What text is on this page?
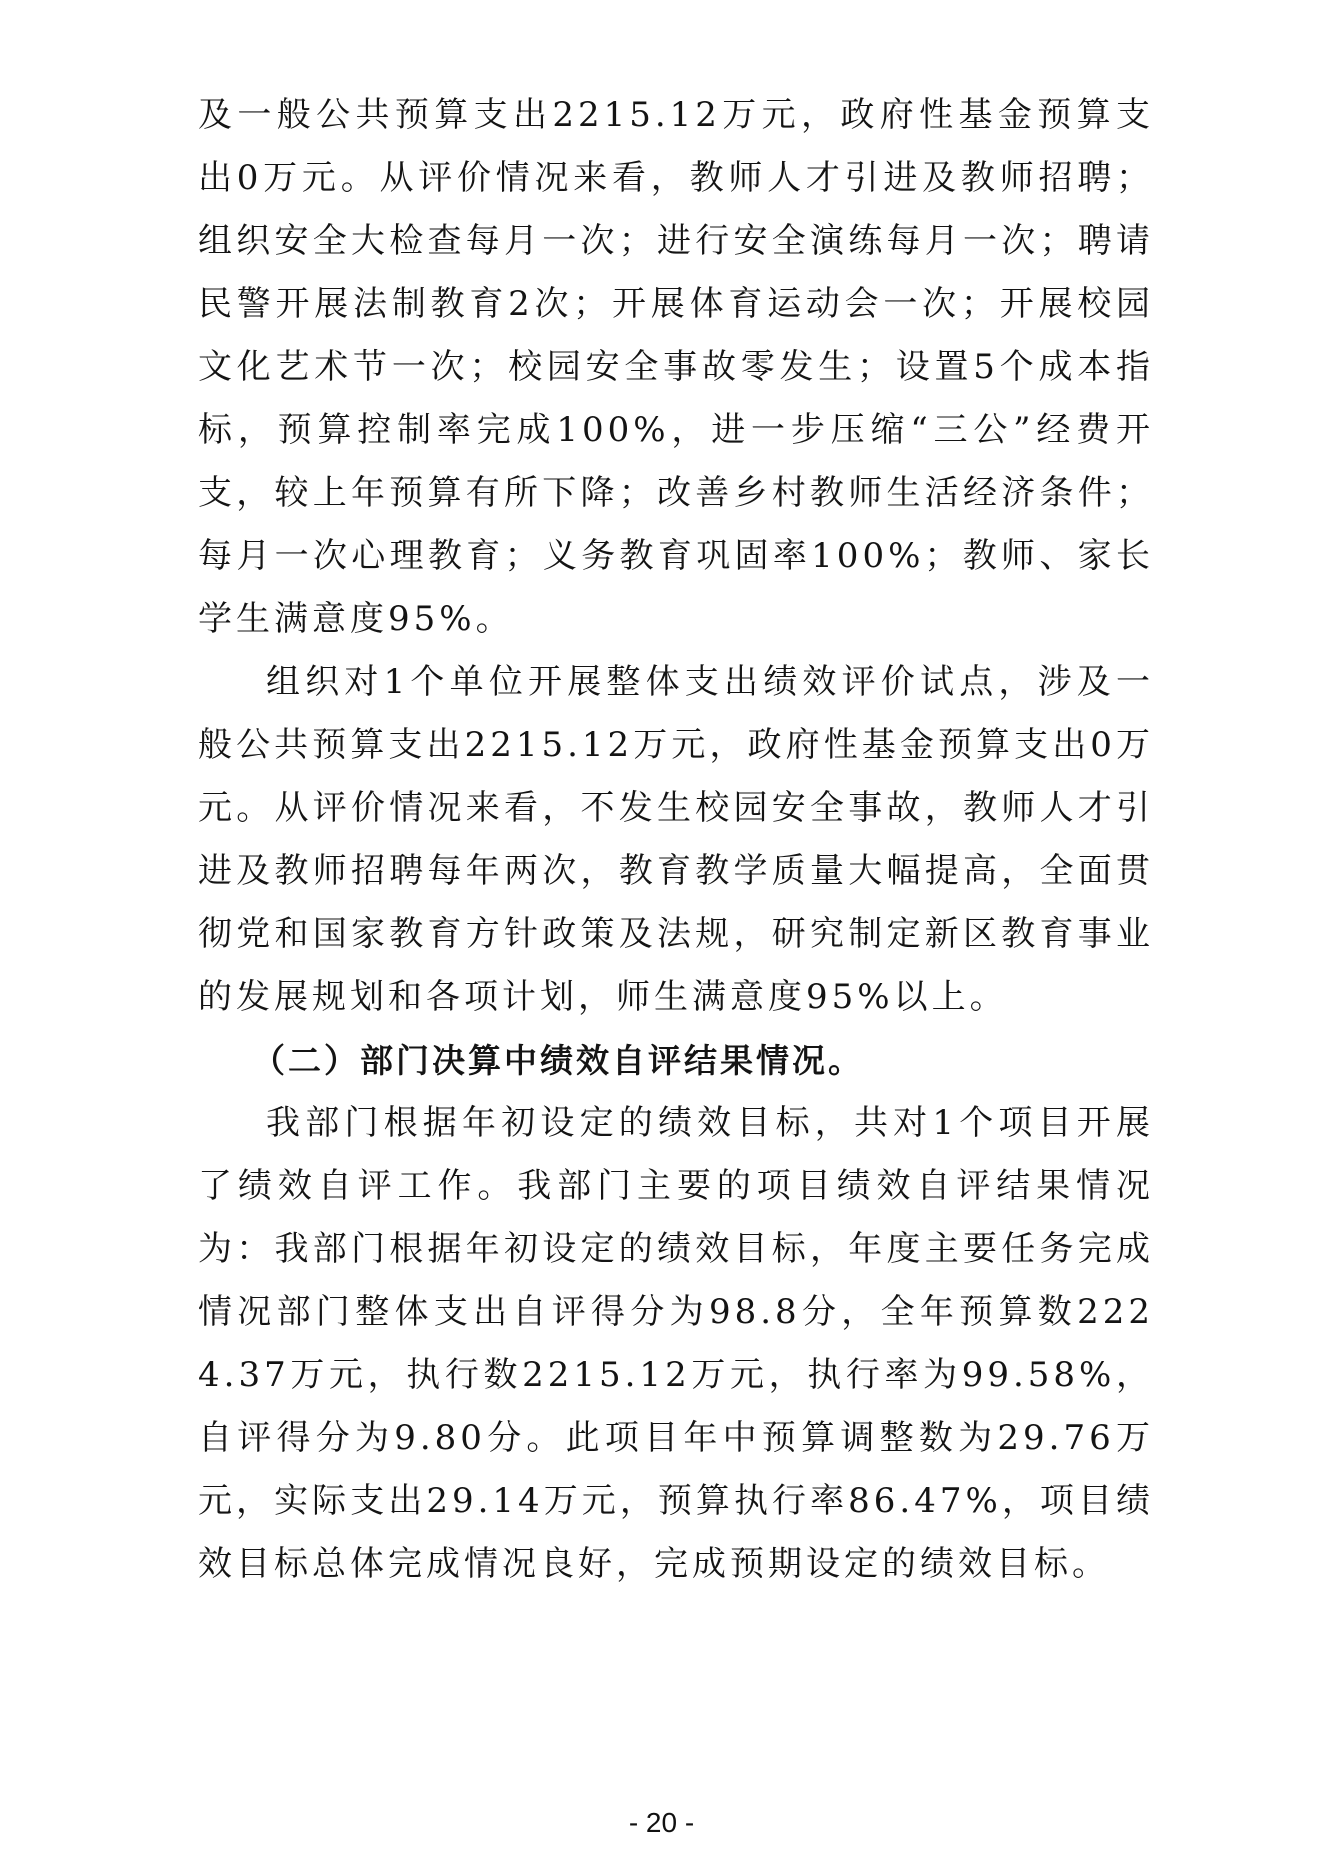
及一般公共预算支出2215.12万元，政府性基金预算支出0万元。从评价情况来看，教师人才引进及教师招聘；组织安全大检查每月一次；进行安全演练每月一次；聘请民警开展法制教育2次；开展体育运动会一次；开展校园文化艺术节一次；校园安全事故零发生；设置5个成本指标，预算控制率完成100%，进一步压缩“三公”经费开支，较上年预算有所下降；改善乡村教师生活经济条件；每月一次心理教育；义务教育巩固率100%；教师、家长学生满意度95%。

组织对1个单位开展整体支出绩效评价试点，涉及一般公共预算支出2215.12万元，政府性基金预算支出0万元。从评价情况来看，不发生校园安全事故，教师人才引进及教师招聘每年两次，教育教学质量大幅提高，全面贯彻党和国家教育方针政策及法规，研究制定新区教育事业的发展规划和各项计划，师生满意度95%以上。

（二）部门决算中绩效自评结果情况。

我部门根据年初设定的绩效目标，共对1个项目开展了绩效自评工作。我部门主要的项目绩效自评结果情况为：我部门根据年初设定的绩效目标，年度主要任务完成情况部门整体支出自评得分为98.8分，全年预算数2224.37万元，执行数2215.12万元，执行率为99.58%，自评得分为9.80分。此项目年中预算调整数为29.76万元，实际支出29.14万元，预算执行率86.47%，项目绩效目标总体完成情况良好，完成预期设定的绩效目标。

- 20 -
